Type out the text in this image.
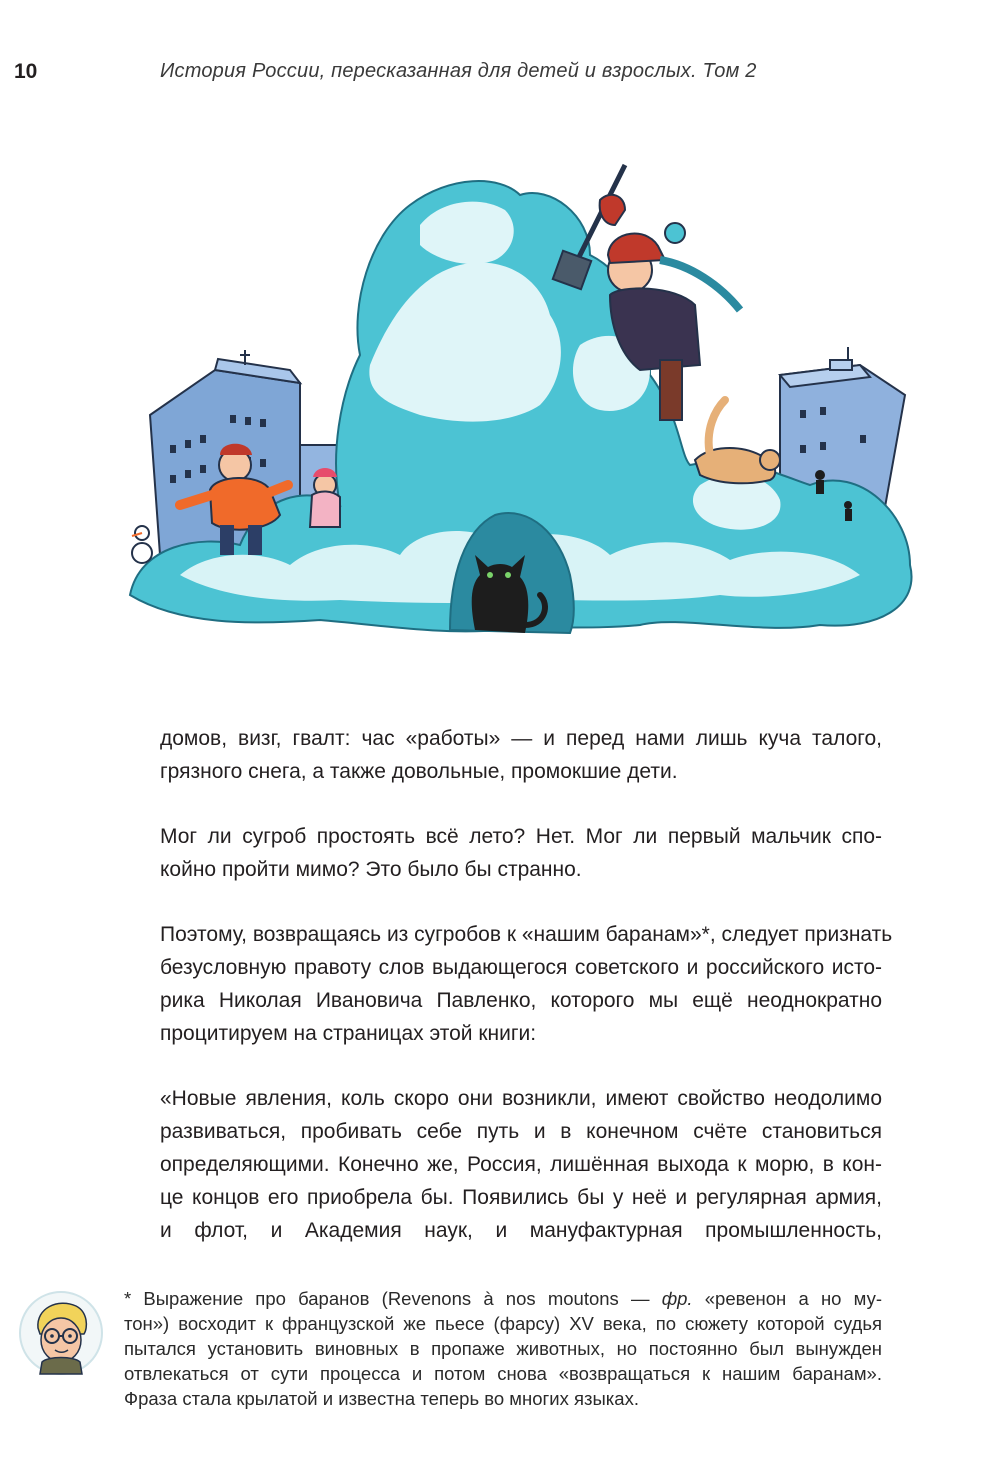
10	История России, пересказанная для детей и взрослых. Том 2
домов, визг, гвалт: час «работы» — и перед нами лишь куча талого,
грязного снега, а также довольные, промокшие дети.
Мог ли сугроб простоять всё лето? Нет. Мог ли первый мальчик спо-
койно пройти мимо? Это было бы странно.
Поэтому, возвращаясь из сугробов к «нашим баранам»*, следует признать
безусловную правоту слов выдающегося советского и российского исто-
рика Николая Ивановича Павленко, которого мы ещё неоднократно
процитируем на страницах этой книги:
«Новые явления, коль скоро они возникли, имеют свойство неодолимо
развиваться, пробивать себе путь и в конечном счёте становиться
определяющими. Конечно же, Россия, лишённая выхода к морю, в кон-
це концов его приобрела бы. Появились бы у неё и регулярная армия,
и флот, и Академия наук, и мануфактурная промышленность,
* Выражение про баранов (Revenons à nos moutons — фр. «ревенон а но му-
тон») восходит к французской же пьесе (фарсу) XV века, по сюжету которой судья
пытался установить виновных в пропаже животных, но постоянно был вынужден
отвлекаться от сути процесса и потом снова «возвращаться к нашим баранам».
Фраза стала крылатой и известна теперь во многих языках.
